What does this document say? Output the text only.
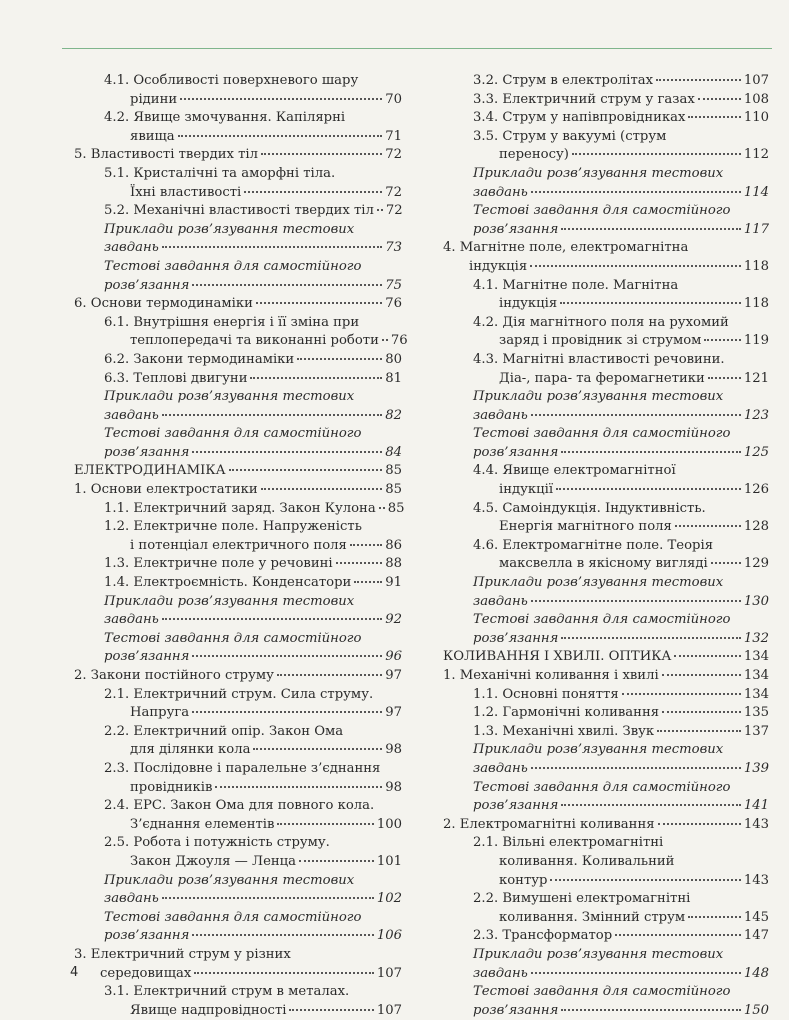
4.1. Особливості поверхневого шару
рідини	70
4.2. Явище змочування. Капілярні
явища	71
5. Властивості твердих тіл	72
5.1. Кристалічні та аморфні тіла.
Їхні властивості	72
5.2. Механічні властивості твердих тіл 72
Приклади розв’язування тестових
завдань	73
Тестові завдання для самостійного
розв’язання	75
6. Основи термодинаміки	76
6.1. Внутрішня енергія і її зміна при
теплопередачі та виконанні роботи 76
6.2. Закони термодинаміки	80
6.3. Теплові двигуни	81
Приклади розв’язування тестових
завдань	82
Тестові завдання для самостійного
розв’язання	84
ЕЛЕКТРОДИНАМІКА	85
1. Основи електростатики	85
1.1. Електричний заряд. Закон Кулона 85
1.2. Електричне поле. Напруженість
і потенціал електричного поля	86
1.3. Електричне поле у речовині	88
1.4. Електроємність. Конденсатори	91
Приклади розв’язування тестових
завдань	92
Тестові завдання для самостійного
розв’язання	96
2. Закони постійного струму	97
2.1. Електричний струм. Сила струму.
Напруга	97
2.2. Електричний опір. Закон Ома
для ділянки кола	98
2.3. Послідовне і паралельне з’єднання
провідників	98
2.4. ЕРС. Закон Ома для повного кола.
З’єднання елементів	100
2.5. Робота і потужність струму.
Закон Джоуля — Ленца	101
Приклади розв’язування тестових
завдань	102
Тестові завдання для самостійного
розв’язання	106
3. Електричний струм у різних
середовищах	107
3.1. Електричний струм в металах.
Явище надпровідності	107
3.2. Струм в електролітах	107
3.3. Електричний струм у газах	108
3.4. Струм у напівпровідниках	110
3.5. Струм у вакуумі (струм
переносу)	112
Приклади розв’язування тестових
завдань	114
Тестові завдання для самостійного
розв’язання	117
4. Магнітне поле, електромагнітна
індукція	118
4.1. Магнітне поле. Магнітна
індукція	118
4.2. Дія магнітного поля на рухомий
заряд і провідник зі струмом	119
4.3. Магнітні властивості речовини.
Діа-, пара- та феромагнетики	121
Приклади розв’язування тестових
завдань	123
Тестові завдання для самостійного
розв’язання	125
4.4. Явище електромагнітної
індукції	126
4.5. Самоіндукція. Індуктивність.
Енергія магнітного поля	128
4.6. Електромагнітне поле. Теорія
максвелла в якісному вигляді	129
Приклади розв’язування тестових
завдань	130
Тестові завдання для самостійного
розв’язання	132
КОЛИВАННЯ І ХВИЛІ. ОПТИКА	134
1. Механічні коливання і хвилі	134
1.1. Основні поняття	134
1.2. Гармонічні коливання	135
1.3. Механічні хвилі. Звук	137
Приклади розв’язування тестових
завдань	139
Тестові завдання для самостійного
розв’язання	141
2. Електромагнітні коливання	143
2.1. Вільні електромагнітні
коливання. Коливальний
контур	143
2.2. Вимушені електромагнітні
коливання. Змінний струм	145
2.3. Трансформатор	147
Приклади розв’язування тестових
завдань	148
Тестові завдання для самостійного
розв’язання	150
4
